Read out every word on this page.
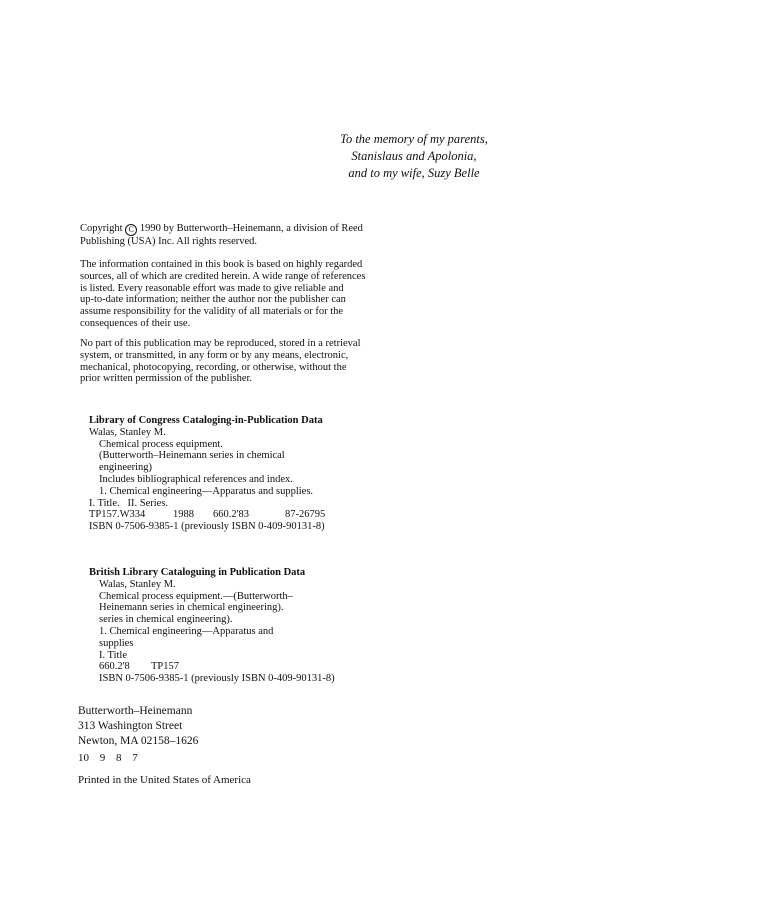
To the memory of my parents,
Stanislaus and Apolonia,
and to my wife, Suzy Belle
Copyright C 1990 by Butterworth–Heinemann, a division of Reed
Publishing (USA) Inc. All rights reserved.
The information contained in this book is based on highly regarded
sources, all of which are credited herein. A wide range of references
is listed. Every reasonable effort was made to give reliable and
up-to-date information; neither the author nor the publisher can
assume responsibility for the validity of all materials or for the
consequences of their use.
No part of this publication may be reproduced, stored in a retrieval
system, or transmitted, in any form or by any means, electronic,
mechanical, photocopying, recording, or otherwise, without the
prior written permission of the publisher.
Library of Congress Cataloging-in-Publication Data
Walas, Stanley M.
Chemical process equipment.
(Butterworth–Heinemann series in chemical
engineering)
Includes bibliographical references and index.
1. Chemical engineering—Apparatus and supplies.
I. Title.   II. Series.
TP157.W334	1988	660.2'83	87-26795
ISBN 0-7506-9385-1 (previously ISBN 0-409-90131-8)
British Library Cataloguing in Publication Data
Walas, Stanley M.
Chemical process equipment.—(Butterworth–
Heinemann series in chemical engineering).
series in chemical engineering).
1. Chemical engineering—Apparatus and
supplies
I. Title
660.2'8	TP157
ISBN 0-7506-9385-1 (previously ISBN 0-409-90131-8)
Butterworth–Heinemann
313 Washington Street
Newton, MA 02158–1626
10 9 8 7
Printed in the United States of America
